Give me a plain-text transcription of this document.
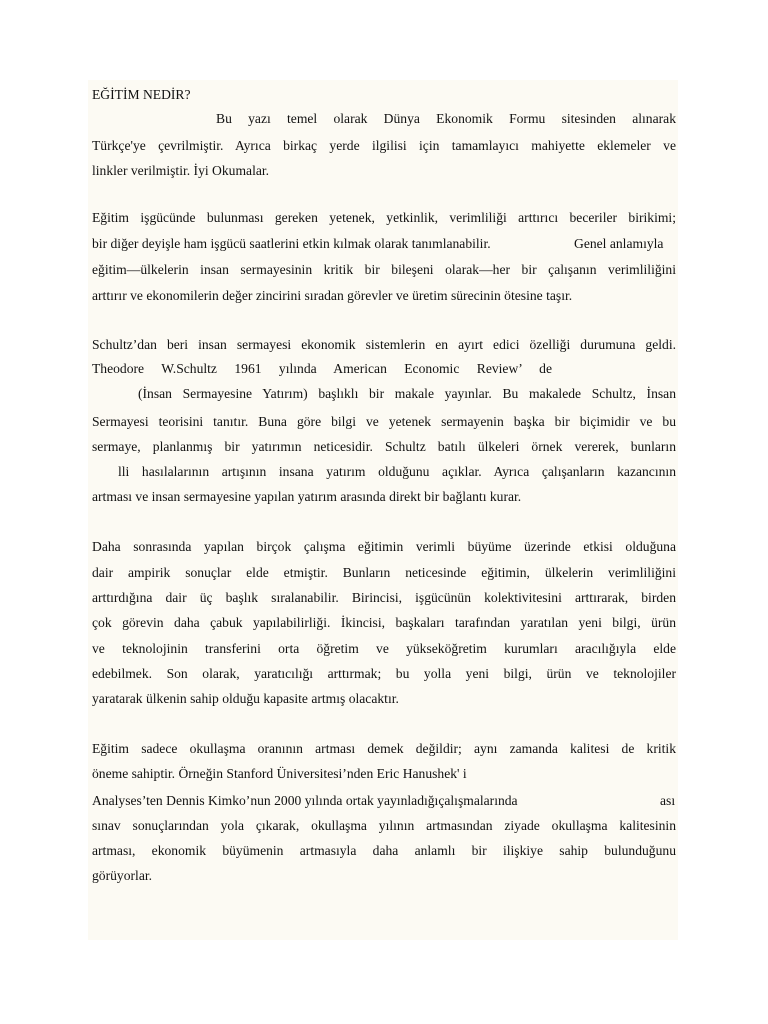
EĞİTİM NEDİR?
Bu yazı temel olarak Dünya Ekonomik Formu sitesinden alınarak
Türkçe'ye çevrilmiştir. Ayrıca birkaç yerde ilgilisi için tamamlayıcı mahiyette eklemeler ve
linkler verilmiştir. İyi Okumalar.
Eğitim işgücünde bulunması gereken yetenek, yetkinlik, verimliliği arttırıcı beceriler birikimi;
bir diğer deyişle ham işgücü saatlerini etkin kılmak olarak tanımlanabilir.	Genel anlamıyla
eğitim—ülkelerin insan sermayesinin kritik bir bileşeni olarak—her bir çalışanın verimliliğini
arttırır ve ekonomilerin değer zincirini sıradan görevler ve üretim sürecinin ötesine taşır.
Schultz’dan beri insan sermayesi ekonomik sistemlerin en ayırt edici özelliği durumuna geldi.
Theodore W.Schultz 1961 yılında American Economic Review’ de
(İnsan Sermayesine Yatırım) başlıklı bir makale yayınlar. Bu makalede Schultz, İnsan
Sermayesi teorisini tanıtır. Buna göre bilgi ve yetenek sermayenin başka bir biçimidir ve bu
sermaye, planlanmış bir yatırımın neticesidir. Schultz batılı ülkeleri örnek vererek, bunların
lli hasılalarının artışının insana yatırım olduğunu açıklar. Ayrıca çalışanların kazancının
artması ve insan sermayesine yapılan yatırım arasında direkt bir bağlantı kurar.
Daha sonrasında yapılan birçok çalışma eğitimin verimli büyüme üzerinde etkisi olduğuna
dair ampirik sonuçlar elde etmiştir. Bunların neticesinde eğitimin, ülkelerin verimliliğini
arttırdığına dair üç başlık sıralanabilir. Birincisi, işgücünün kolektivitesini arttırarak, birden
çok görevin daha çabuk yapılabilirliği. İkincisi, başkaları tarafından yaratılan yeni bilgi, ürün
ve teknolojinin transferini orta öğretim ve yükseköğretim kurumları aracılığıyla elde
edebilmek. Son olarak, yaratıcılığı arttırmak; bu yolla yeni bilgi, ürün ve teknolojiler
yaratarak ülkenin sahip olduğu kapasite artmış olacaktır.
Eğitim sadece okullaşma oranının artması demek değildir; aynı zamanda kalitesi de kritik
öneme sahiptir. Örneğin Stanford Üniversitesi’nden Eric Hanushek' i
Analyses’ten Dennis Kimko’nun 2000 yılında ortak yayınladığıçalışmalarında	ası
sınav sonuçlarından yola çıkarak, okullaşma yılının artmasından ziyade okullaşma kalitesinin
artması, ekonomik büyümenin artmasıyla daha anlamlı bir ilişkiye sahip bulunduğunu
görüyorlar.
